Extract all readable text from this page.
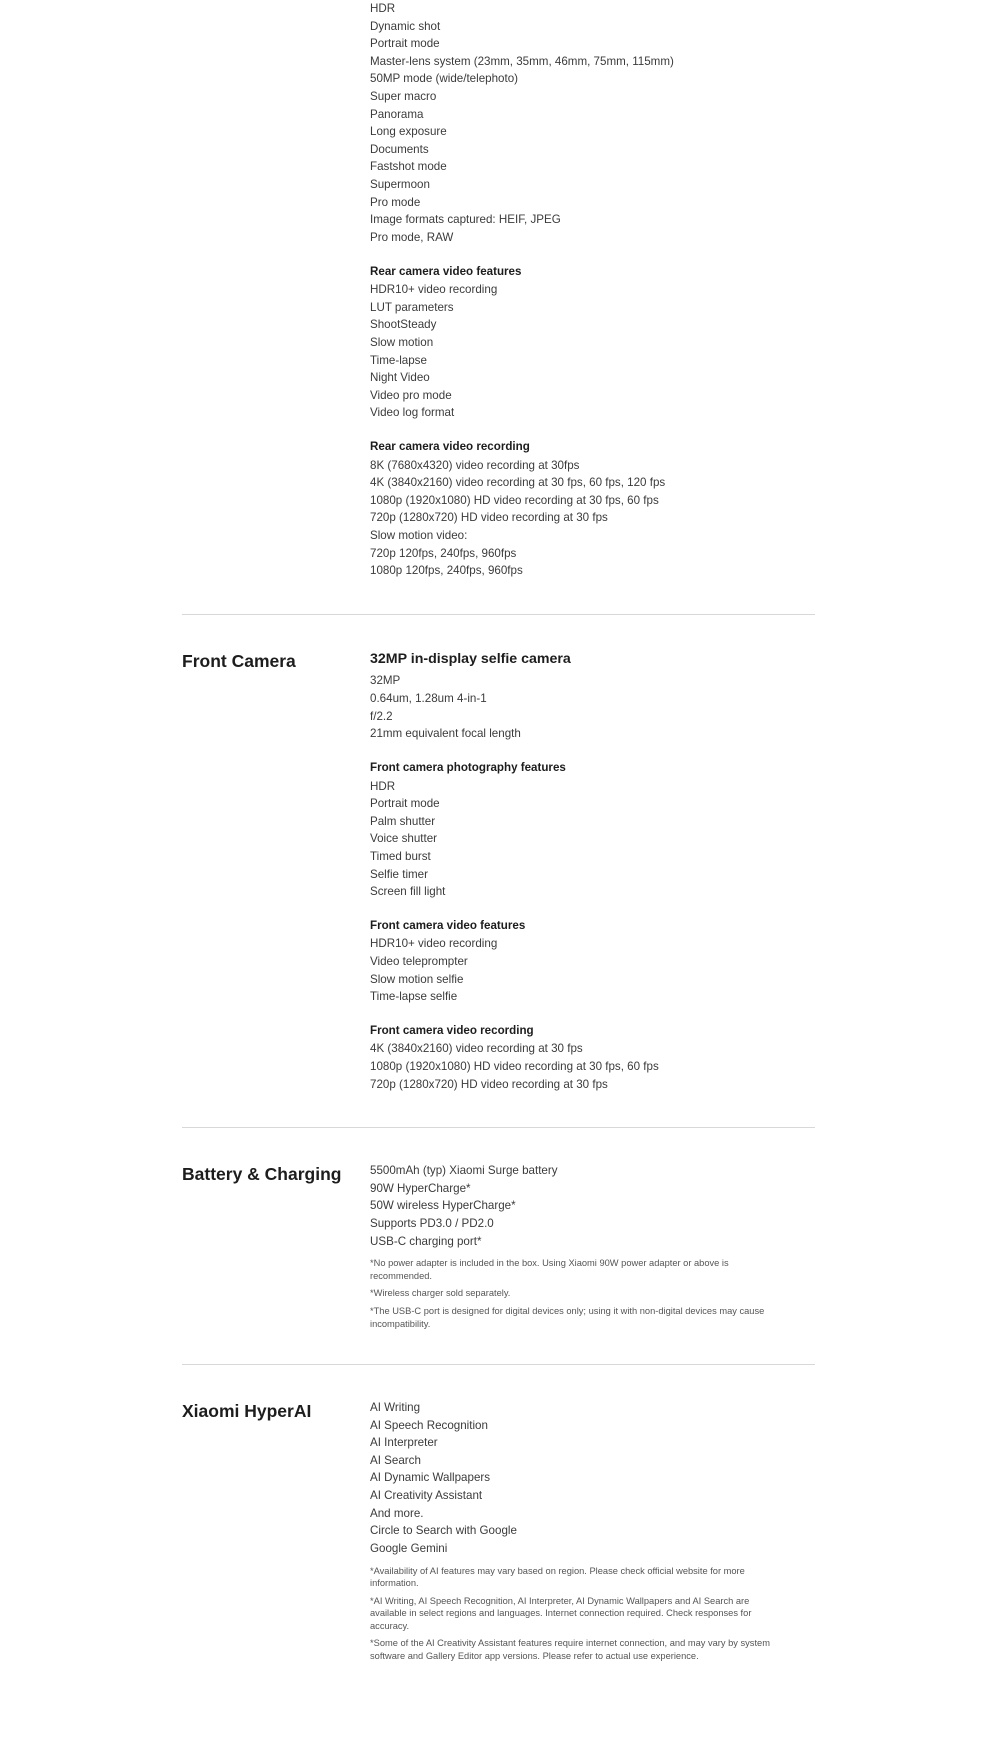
HDR
Dynamic shot
Portrait mode
Master-lens system (23mm, 35mm, 46mm, 75mm, 115mm)
50MP mode (wide/telephoto)
Super macro
Panorama
Long exposure
Documents
Fastshot mode
Supermoon
Pro mode
Image formats captured: HEIF, JPEG
Pro mode, RAW
Rear camera video features
HDR10+ video recording
LUT parameters
ShootSteady
Slow motion
Time-lapse
Night Video
Video pro mode
Video log format
Rear camera video recording
8K (7680x4320) video recording at 30fps
4K (3840x2160) video recording at 30 fps, 60 fps, 120 fps
1080p (1920x1080) HD video recording at 30 fps, 60 fps
720p (1280x720) HD video recording at 30 fps
Slow motion video:
720p 120fps, 240fps, 960fps
1080p 120fps, 240fps, 960fps
Front Camera	32MP in-display selfie camera
32MP
0.64um, 1.28um 4-in-1
f/2.2
21mm equivalent focal length
Front camera photography features
HDR
Portrait mode
Palm shutter
Voice shutter
Timed burst
Selfie timer
Screen fill light
Front camera video features
HDR10+ video recording
Video teleprompter
Slow motion selfie
Time-lapse selfie
Front camera video recording
4K (3840x2160) video recording at 30 fps
1080p (1920x1080) HD video recording at 30 fps, 60 fps
720p (1280x720) HD video recording at 30 fps
Battery & Charging	5500mAh (typ) Xiaomi Surge battery
90W HyperCharge*
50W wireless HyperCharge*
Supports PD3.0 / PD2.0
USB-C charging port*
*No power adapter is included in the box. Using Xiaomi 90W power adapter or above is recommended.
*Wireless charger sold separately.
*The USB-C port is designed for digital devices only; using it with non-digital devices may cause incompatibility.
Xiaomi HyperAI	AI Writing
AI Speech Recognition
AI Interpreter
AI Search
AI Dynamic Wallpapers
AI Creativity Assistant
And more.
Circle to Search with Google
Google Gemini
*Availability of AI features may vary based on region. Please check official website for more information.
*AI Writing, AI Speech Recognition, AI Interpreter, AI Dynamic Wallpapers and AI Search are available in select regions and languages. Internet connection required. Check responses for accuracy.
*Some of the AI Creativity Assistant features require internet connection, and may vary by system software and Gallery Editor app versions. Please refer to actual use experience.
